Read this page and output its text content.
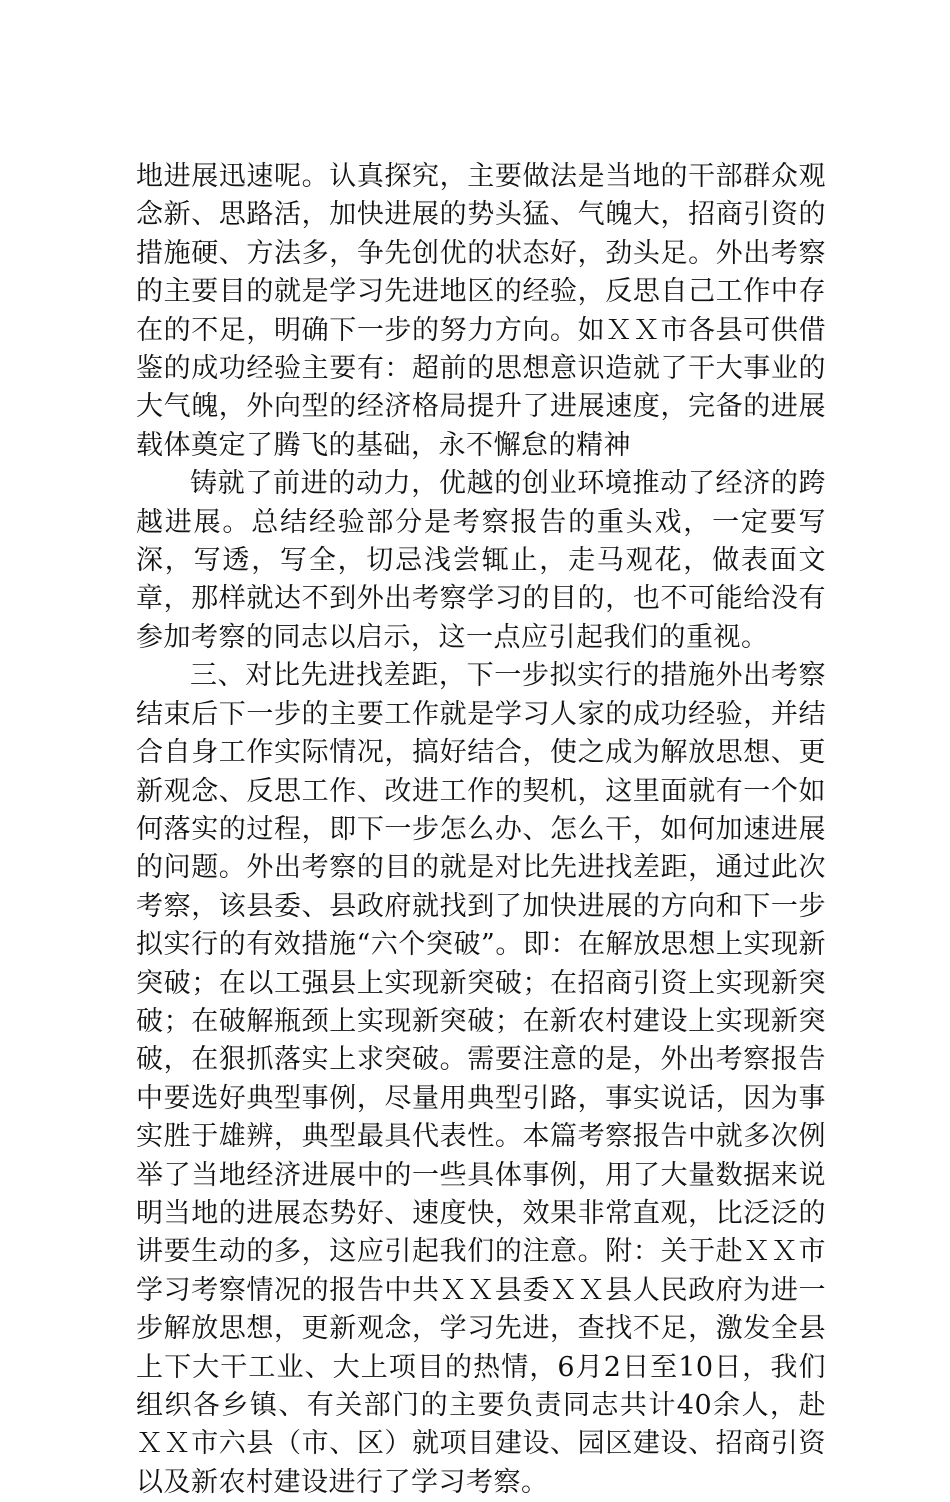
地进展迅速呢。认真探究，主要做法是当地的干部群众观念新、思路活，加快进展的势头猛、气魄大，招商引资的措施硬、方法多，争先创优的状态好，劲头足。外出考察的主要目的就是学习先进地区的经验，反思自己工作中存在的不足，明确下一步的努力方向。如ＸＸ市各县可供借鉴的成功经验主要有：超前的思想意识造就了干大事业的大气魄，外向型的经济格局提升了进展速度，完备的进展载体奠定了腾飞的基础，永不懈怠的精神

铸就了前进的动力，优越的创业环境推动了经济的跨越进展。总结经验部分是考察报告的重头戏，一定要写深，写透，写全，切忌浅尝辄止，走马观花，做表面文章，那样就达不到外出考察学习的目的，也不可能给没有参加考察的同志以启示，这一点应引起我们的重视。

三、对比先进找差距，下一步拟实行的措施外出考察结束后下一步的主要工作就是学习人家的成功经验，并结合自身工作实际情况，搞好结合，使之成为解放思想、更新观念、反思工作、改进工作的契机，这里面就有一个如何落实的过程，即下一步怎么办、怎么干，如何加速进展的问题。外出考察的目的就是对比先进找差距，通过此次考察，该县委、县政府就找到了加快进展的方向和下一步拟实行的有效措施“六个突破”。即：在解放思想上实现新突破；在以工强县上实现新突破；在招商引资上实现新突破；在破解瓶颈上实现新突破；在新农村建设上实现新突破，在狠抓落实上求突破。需要注意的是，外出考察报告中要选好典型事例，尽量用典型引路，事实说话，因为事实胜于雄辨，典型最具代表性。本篇考察报告中就多次例举了当地经济进展中的一些具体事例，用了大量数据来说明当地的进展态势好、速度快，效果非常直观，比泛泛的讲要生动的多，这应引起我们的注意。附：关于赴ＸＸ市学习考察情况的报告中共ＸＸ县委ＸＸ县人民政府为进一步解放思想，更新观念，学习先进，查找不足，激发全县上下大干工业、大上项目的热情，6月2日至10日，我们组织各乡镇、有关部门的主要负责同志共计40余人，赴ＸＸ市六县（市、区）就项目建设、园区建设、招商引资以及新农村建设进行了学习考察。
